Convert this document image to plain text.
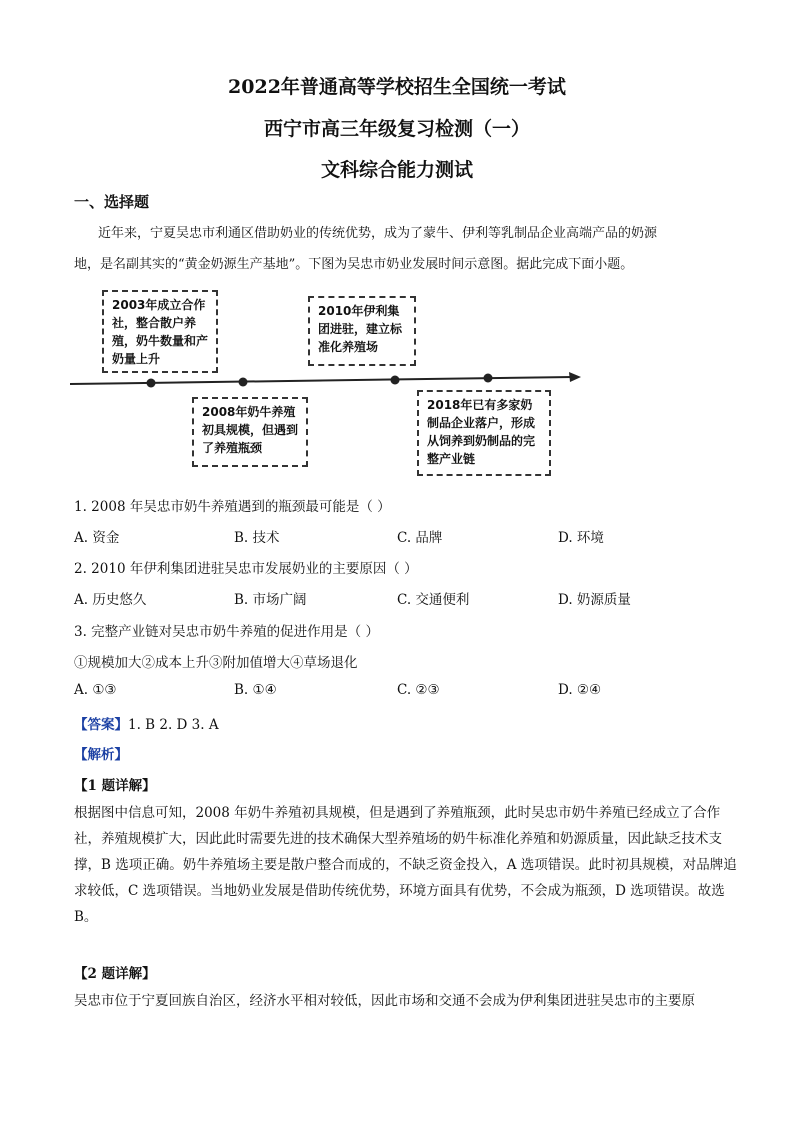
2022年普通高等学校招生全国统一考试
西宁市高三年级复习检测（一）
文科综合能力测试
一、选择题
近年来，宁夏吴忠市利通区借助奶业的传统优势，成为了蒙牛、伊利等乳制品企业高端产品的奶源
地，是名副其实的“黄金奶源生产基地”。下图为吴忠市奶业发展时间示意图。据此完成下面小题。
2003年成立合作社，整合散户养殖，奶牛数量和产奶量上升
2008年奶牛养殖初具规模，但遇到了养殖瓶颈
2010年伊利集团进驻，建立标准化养殖场
2018年已有多家奶制品企业落户，形成从饲养到奶制品的完整产业链
1. 2008 年吴忠市奶牛养殖遇到的瓶颈最可能是（ ）
A. 资金	B. 技术	C. 品牌	D. 环境
2. 2010 年伊利集团进驻吴忠市发展奶业的主要原因（ ）
A. 历史悠久	B. 市场广阔	C. 交通便利	D. 奶源质量
3. 完整产业链对吴忠市奶牛养殖的促进作用是（ ）
①规模加大②成本上升③附加值增大④草场退化
A. ①③	B. ①④	C. ②③	D. ②④
【答案】1. B 2. D 3. A
【解析】
【1 题详解】
根据图中信息可知，2008 年奶牛养殖初具规模，但是遇到了养殖瓶颈，此时吴忠市奶牛养殖已经成立了合作社，养殖规模扩大，因此此时需要先进的技术确保大型养殖场的奶牛标准化养殖和奶源质量，因此缺乏技术支撑，B 选项正确。奶牛养殖场主要是散户整合而成的，不缺乏资金投入，A 选项错误。此时初具规模，对品牌追求较低，C 选项错误。当地奶业发展是借助传统优势，环境方面具有优势，不会成为瓶颈，D 选项错误。故选 B。
【2 题详解】
吴忠市位于宁夏回族自治区，经济水平相对较低，因此市场和交通不会成为伊利集团进驻吴忠市的主要原
